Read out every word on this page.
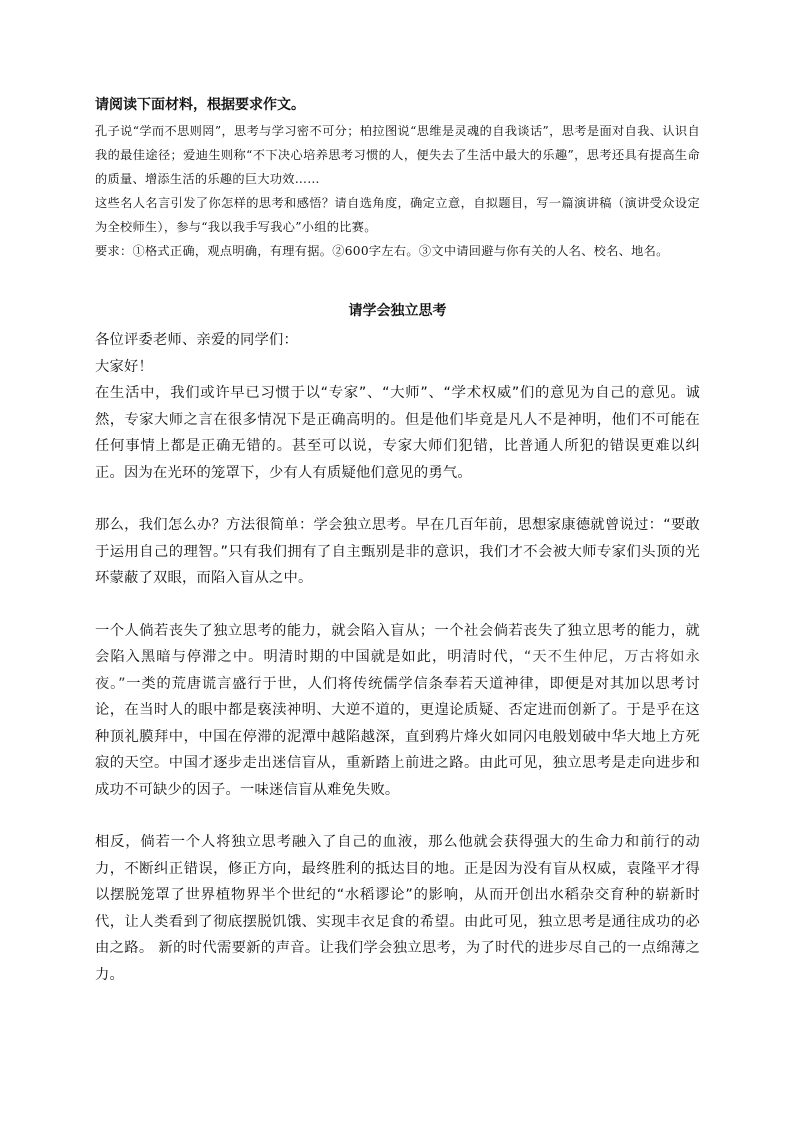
请阅读下面材料，根据要求作文。

孔子说“学而不思则罔”，思考与学习密不可分；柏拉图说“思维是灵魂的自我谈话”，思考是面对自我、认识自我的最佳途径；爱迪生则称“不下决心培养思考习惯的人，便失去了生活中最大的乐趣”，思考还具有提高生命的质量、增添生活的乐趣的巨大功效……

这些名人名言引发了你怎样的思考和感悟？请自选角度，确定立意，自拟题目，写一篇演讲稿（演讲受众设定为全校师生），参与“我以我手写我心”小组的比赛。

要求：①格式正确，观点明确，有理有据。②600字左右。③文中请回避与你有关的人名、校名、地名。

请学会独立思考

各位评委老师、亲爱的同学们：

大家好！

在生活中，我们或许早已习惯于以“专家”、“大师”、“学术权威”们的意见为自己的意见。诚然，专家大师之言在很多情况下是正确高明的。但是他们毕竟是凡人不是神明，他们不可能在任何事情上都是正确无错的。甚至可以说，专家大师们犯错，比普通人所犯的错误更难以纠正。因为在光环的笼罩下，少有人有质疑他们意见的勇气。

那么，我们怎么办？方法很简单：学会独立思考。早在几百年前，思想家康德就曾说过：“要敢于运用自己的理智。”只有我们拥有了自主甄别是非的意识，我们才不会被大师专家们头顶的光环蒙蔽了双眼，而陷入盲从之中。

一个人倘若丧失了独立思考的能力，就会陷入盲从；一个社会倘若丧失了独立思考的能力，就会陷入黑暗与停滞之中。明清时期的中国就是如此，明清时代，“天不生仲尼，万古将如永夜。”一类的荒唐谎言盛行于世，人们将传统儒学信条奉若天道神律，即便是对其加以思考讨论，在当时人的眼中都是亵渎神明、大逆不道的，更遑论质疑、否定进而创新了。于是乎在这种顶礼膜拜中，中国在停滞的泥潭中越陷越深，直到鸦片烽火如同闪电般划破中华大地上方死寂的天空。中国才逐步走出迷信盲从，重新踏上前进之路。由此可见，独立思考是走向进步和成功不可缺少的因子。一味迷信盲从难免失败。

相反，倘若一个人将独立思考融入了自己的血液，那么他就会获得强大的生命力和前行的动力，不断纠正错误，修正方向，最终胜利的抵达目的地。正是因为没有盲从权威，袁隆平才得以摆脱笼罩了世界植物界半个世纪的“水稻谬论”的影响，从而开创出水稻杂交育种的崭新时代，让人类看到了彻底摆脱饥饿、实现丰衣足食的希望。由此可见，独立思考是通往成功的必由之路。 新的时代需要新的声音。让我们学会独立思考，为了时代的进步尽自己的一点绵薄之力。
